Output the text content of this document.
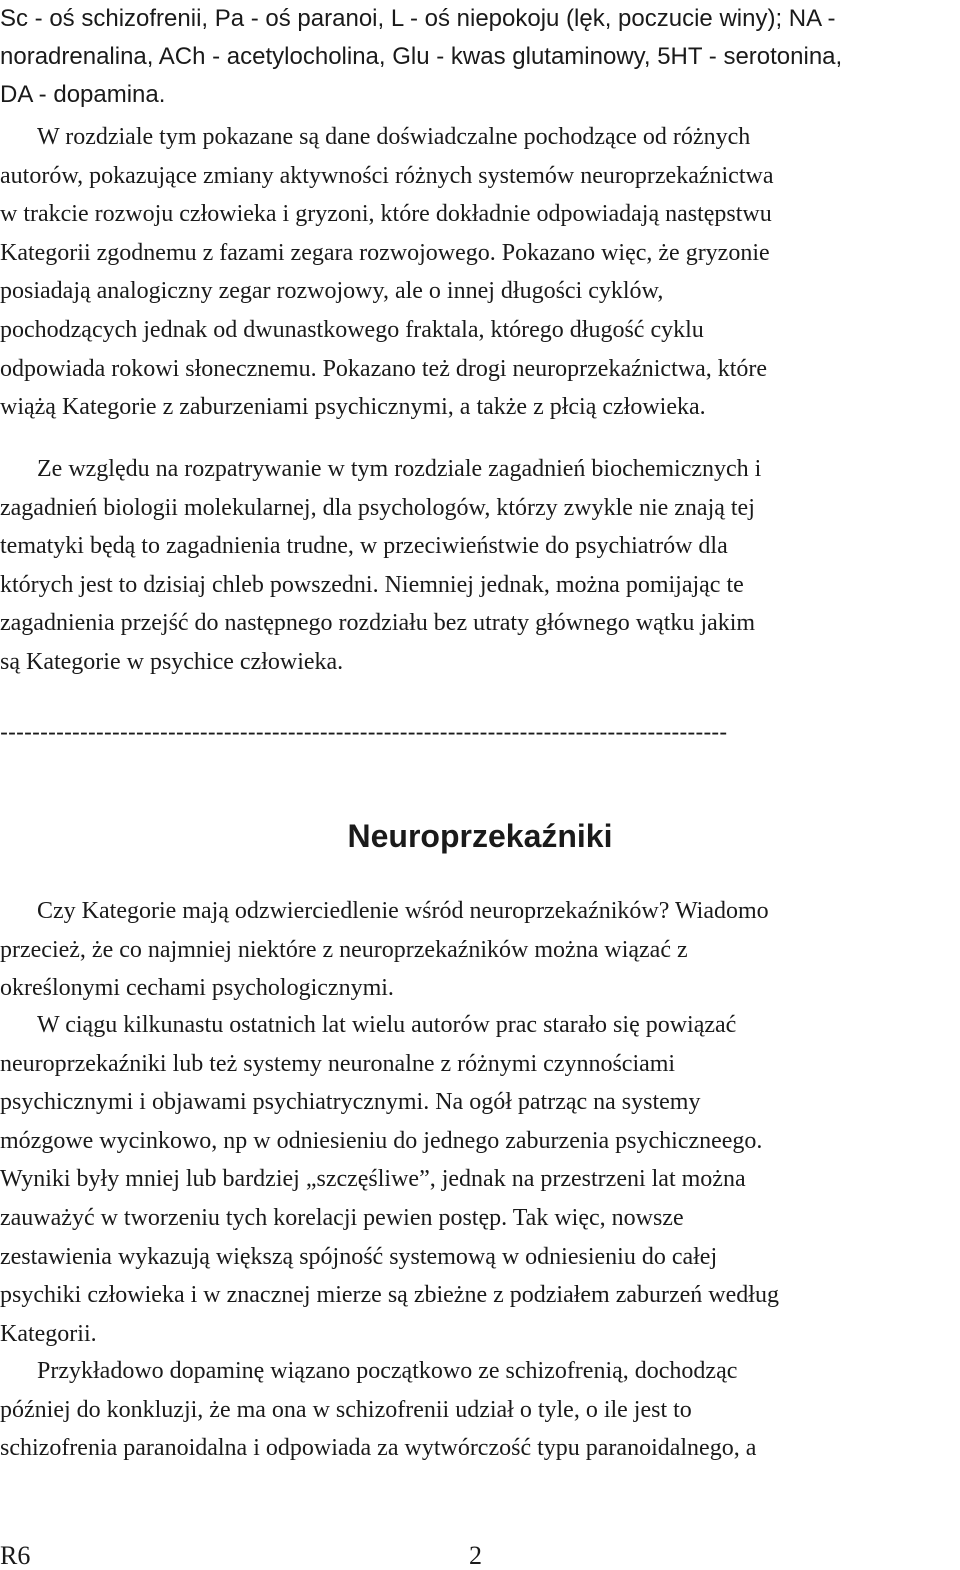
Sc - oś schizofrenii, Pa - oś paranoi, L - oś niepokoju (lęk, poczucie winy); NA -
noradrenalina, ACh - acetylocholina, Glu - kwas glutaminowy, 5HT - serotonina,
DA - dopamina.
W rozdziale tym pokazane są dane doświadczalne pochodzące od różnych
autorów, pokazujące zmiany aktywności różnych systemów neuroprzekaźnictwa
w trakcie rozwoju człowieka i gryzoni, które dokładnie odpowiadają następstwu
Kategorii zgodnemu z fazami zegara rozwojowego. Pokazano więc, że gryzonie
posiadają analogiczny zegar rozwojowy, ale o innej długości cyklów,
pochodzących jednak od dwunastkowego fraktala, którego długość cyklu
odpowiada rokowi słonecznemu. Pokazano też drogi neuroprzekaźnictwa, które
wiążą Kategorie z zaburzeniami psychicznymi, a także z płcią człowieka.
Ze względu na rozpatrywanie w tym rozdziale zagadnień biochemicznych i
zagadnień biologii molekularnej, dla psychologów, którzy zwykle nie znają tej
tematyki będą to zagadnienia trudne, w przeciwieństwie do psychiatrów dla
których jest to dzisiaj chleb powszedni. Niemniej jednak, można pomijając te
zagadnienia przejść do następnego rozdziału bez utraty głównego wątku jakim
są Kategorie w psychice człowieka.
-------------------------------------------------------------------------------------------
Neuroprzekaźniki
Czy Kategorie mają odzwierciedlenie wśród neuroprzekaźników? Wiadomo
przecież, że co najmniej niektóre z neuroprzekaźników można wiązać z
określonymi cechami psychologicznymi.
W ciągu kilkunastu ostatnich lat wielu autorów prac starało się powiązać
neuroprzekaźniki lub też systemy neuronalne z różnymi czynnościami
psychicznymi i objawami psychiatrycznymi. Na ogół patrząc na systemy
mózgowe wycinkowo, np w odniesieniu do jednego zaburzenia psychiczneego.
Wyniki były mniej lub bardziej „szczęśliwe”, jednak na przestrzeni lat można
zauważyć w tworzeniu tych korelacji pewien postęp. Tak więc, nowsze
zestawienia wykazują większą spójność systemową w odniesieniu do całej
psychiki człowieka i w znacznej mierze są zbieżne z podziałem zaburzeń według
Kategorii.
Przykładowo dopaminę wiązano początkowo ze schizofrenią, dochodząc
później do konkluzji, że ma ona w schizofrenii udział o tyle, o ile jest to
schizofrenia paranoidalna i odpowiada za wytwórczość typu paranoidalnego, a
R6	2
